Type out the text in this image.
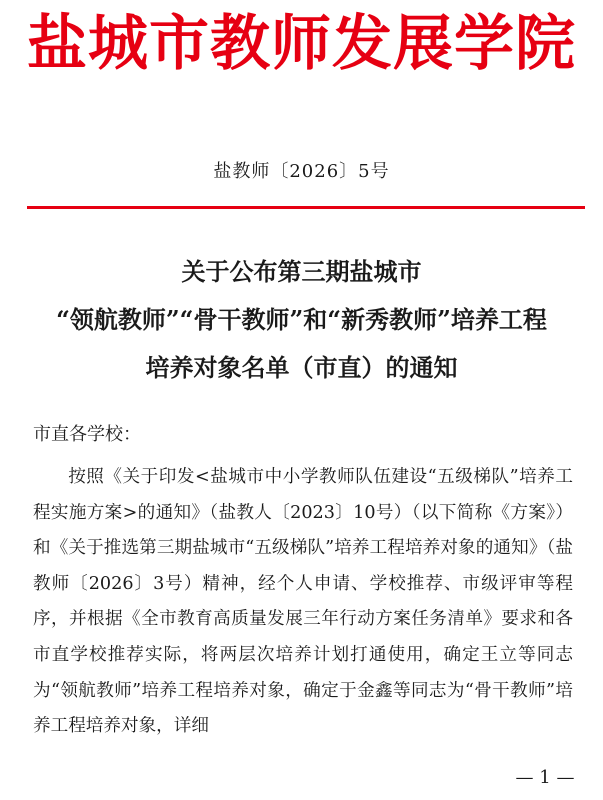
盐城市教师发展学院
盐教师〔2026〕5号
关于公布第三期盐城市
“领航教师”“骨干教师”和“新秀教师”培养工程
培养对象名单（市直）的通知
市直各学校：

按照《关于印发<盐城市中小学教师队伍建设“五级梯队”培养工程实施方案>的通知》（盐教人〔2023〕10号）（以下简称《方案》）和《关于推选第三期盐城市“五级梯队”培养工程培养对象的通知》（盐教师〔2026〕3号）精神，经个人申请、学校推荐、市级评审等程序，并根据《全市教育高质量发展三年行动方案任务清单》要求和各市直学校推荐实际，将两层次培养计划打通使用，确定王立等同志为“领航教师”培养工程培养对象，确定于金鑫等同志为“骨干教师”培养工程培养对象，详细

— 1 —
